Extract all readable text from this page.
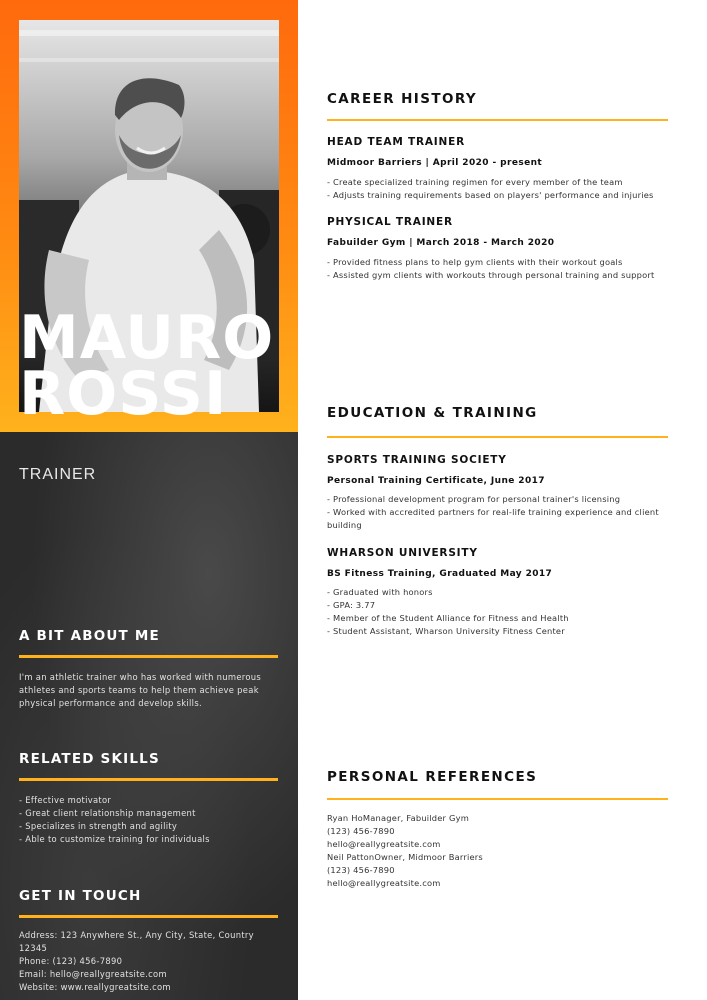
MAURO
ROSSI
TRAINER
A BIT ABOUT ME
I'm an athletic trainer who has worked with numerous athletes and sports teams to help them achieve peak physical performance and develop skills.
RELATED SKILLS
- Effective motivator
- Great client relationship management
- Specializes in strength and agility
- Able to customize training for individuals
GET IN TOUCH
Address: 123 Anywhere St., Any City, State, Country 12345
Phone: (123) 456-7890
Email: hello@reallygreatsite.com
Website: www.reallygreatsite.com
CAREER HISTORY
HEAD TEAM TRAINER
Midmoor Barriers | April 2020 - present
- Create specialized training regimen for every member of the team
- Adjusts training requirements based on players' performance and injuries
PHYSICAL TRAINER
Fabuilder Gym | March 2018 - March 2020
- Provided fitness plans to help gym clients with their workout goals
- Assisted gym clients with workouts through personal training and support
EDUCATION & TRAINING
SPORTS TRAINING SOCIETY
Personal Training Certificate, June 2017
- Professional development program for personal trainer's licensing
- Worked with accredited partners for real-life training experience and client building
WHARSON UNIVERSITY
BS Fitness Training, Graduated May 2017
- Graduated with honors
- GPA: 3.77
- Member of the Student Alliance for Fitness and Health
- Student Assistant, Wharson University Fitness Center
PERSONAL REFERENCES
Ryan HoManager, Fabuilder Gym
(123) 456-7890
hello@reallygreatsite.com
Neil PattonOwner, Midmoor Barriers
(123) 456-7890
hello@reallygreatsite.com
